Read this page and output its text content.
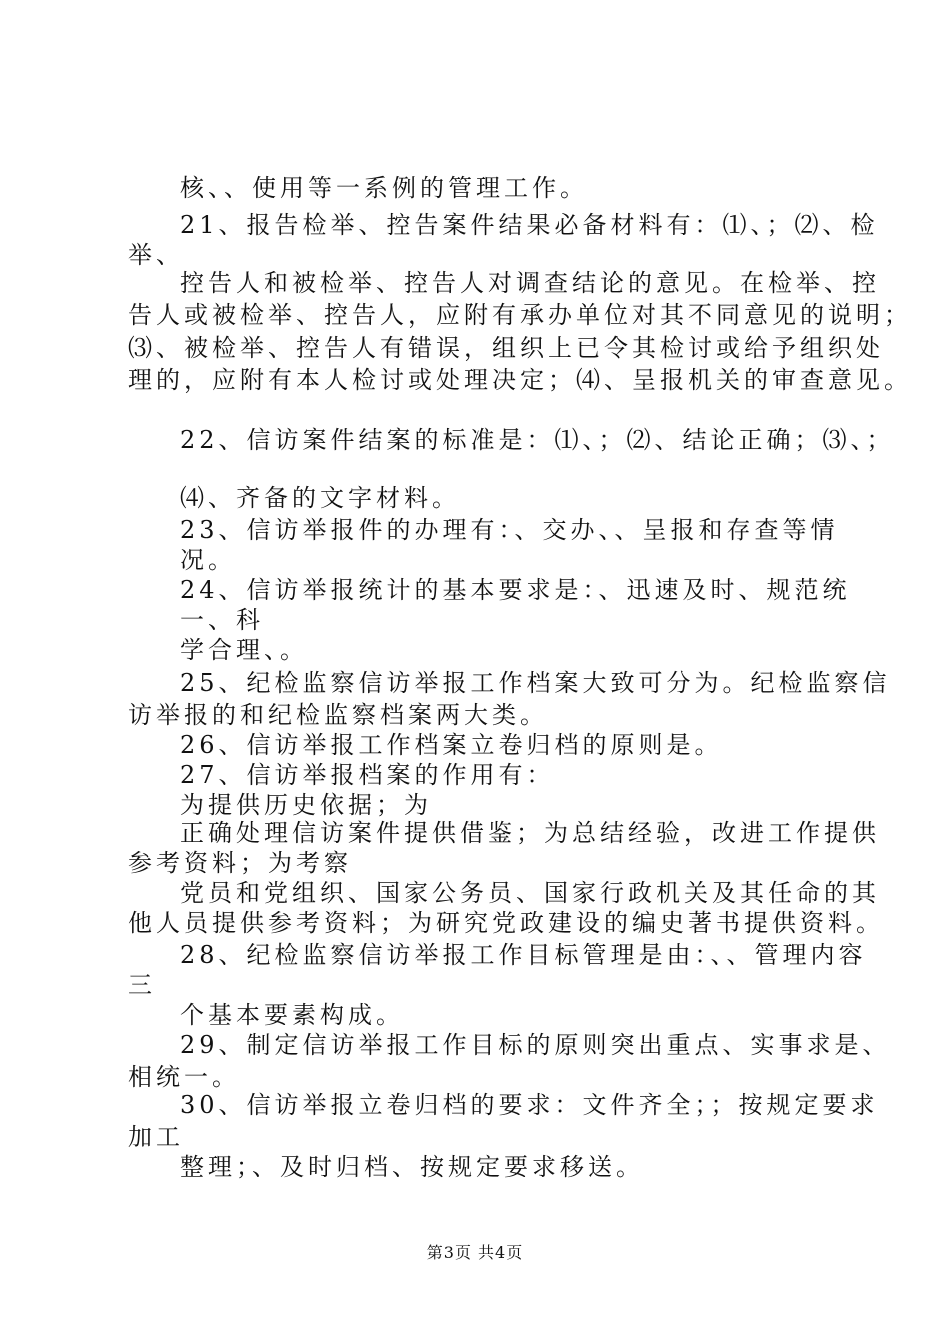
核、、使用等一系例的管理工作。
21、报告检举、控告案件结果必备材料有：⑴、；⑵、检
举、
控告人和被检举、控告人对调查结论的意见。在检举、控
告人或被检举、控告人，应附有承办单位对其不同意见的说明；
⑶、被检举、控告人有错误，组织上已令其检讨或给予组织处
理的，应附有本人检讨或处理决定；⑷、呈报机关的审查意见。
22、信访案件结案的标准是：⑴、；⑵、结论正确；⑶、；
⑷、齐备的文字材料。
23、信访举报件的办理有：、交办、、呈报和存查等情
况。
24、信访举报统计的基本要求是：、迅速及时、规范统
一、科
学合理、。
25、纪检监察信访举报工作档案大致可分为。纪检监察信
访举报的和纪检监察档案两大类。
26、信访举报工作档案立卷归档的原则是。
27、信访举报档案的作用有：
为提供历史依据；为
正确处理信访案件提供借鉴；为总结经验，改进工作提供
参考资料；为考察
党员和党组织、国家公务员、国家行政机关及其任命的其
他人员提供参考资料；为研究党政建设的编史著书提供资料。
28、纪检监察信访举报工作目标管理是由：、、管理内容
三
个基本要素构成。
29、制定信访举报工作目标的原则突出重点、实事求是、
相统一。
30、信访举报立卷归档的要求：文件齐全；；按规定要求
加工
整理；、及时归档、按规定要求移送。
第3页 共4页
